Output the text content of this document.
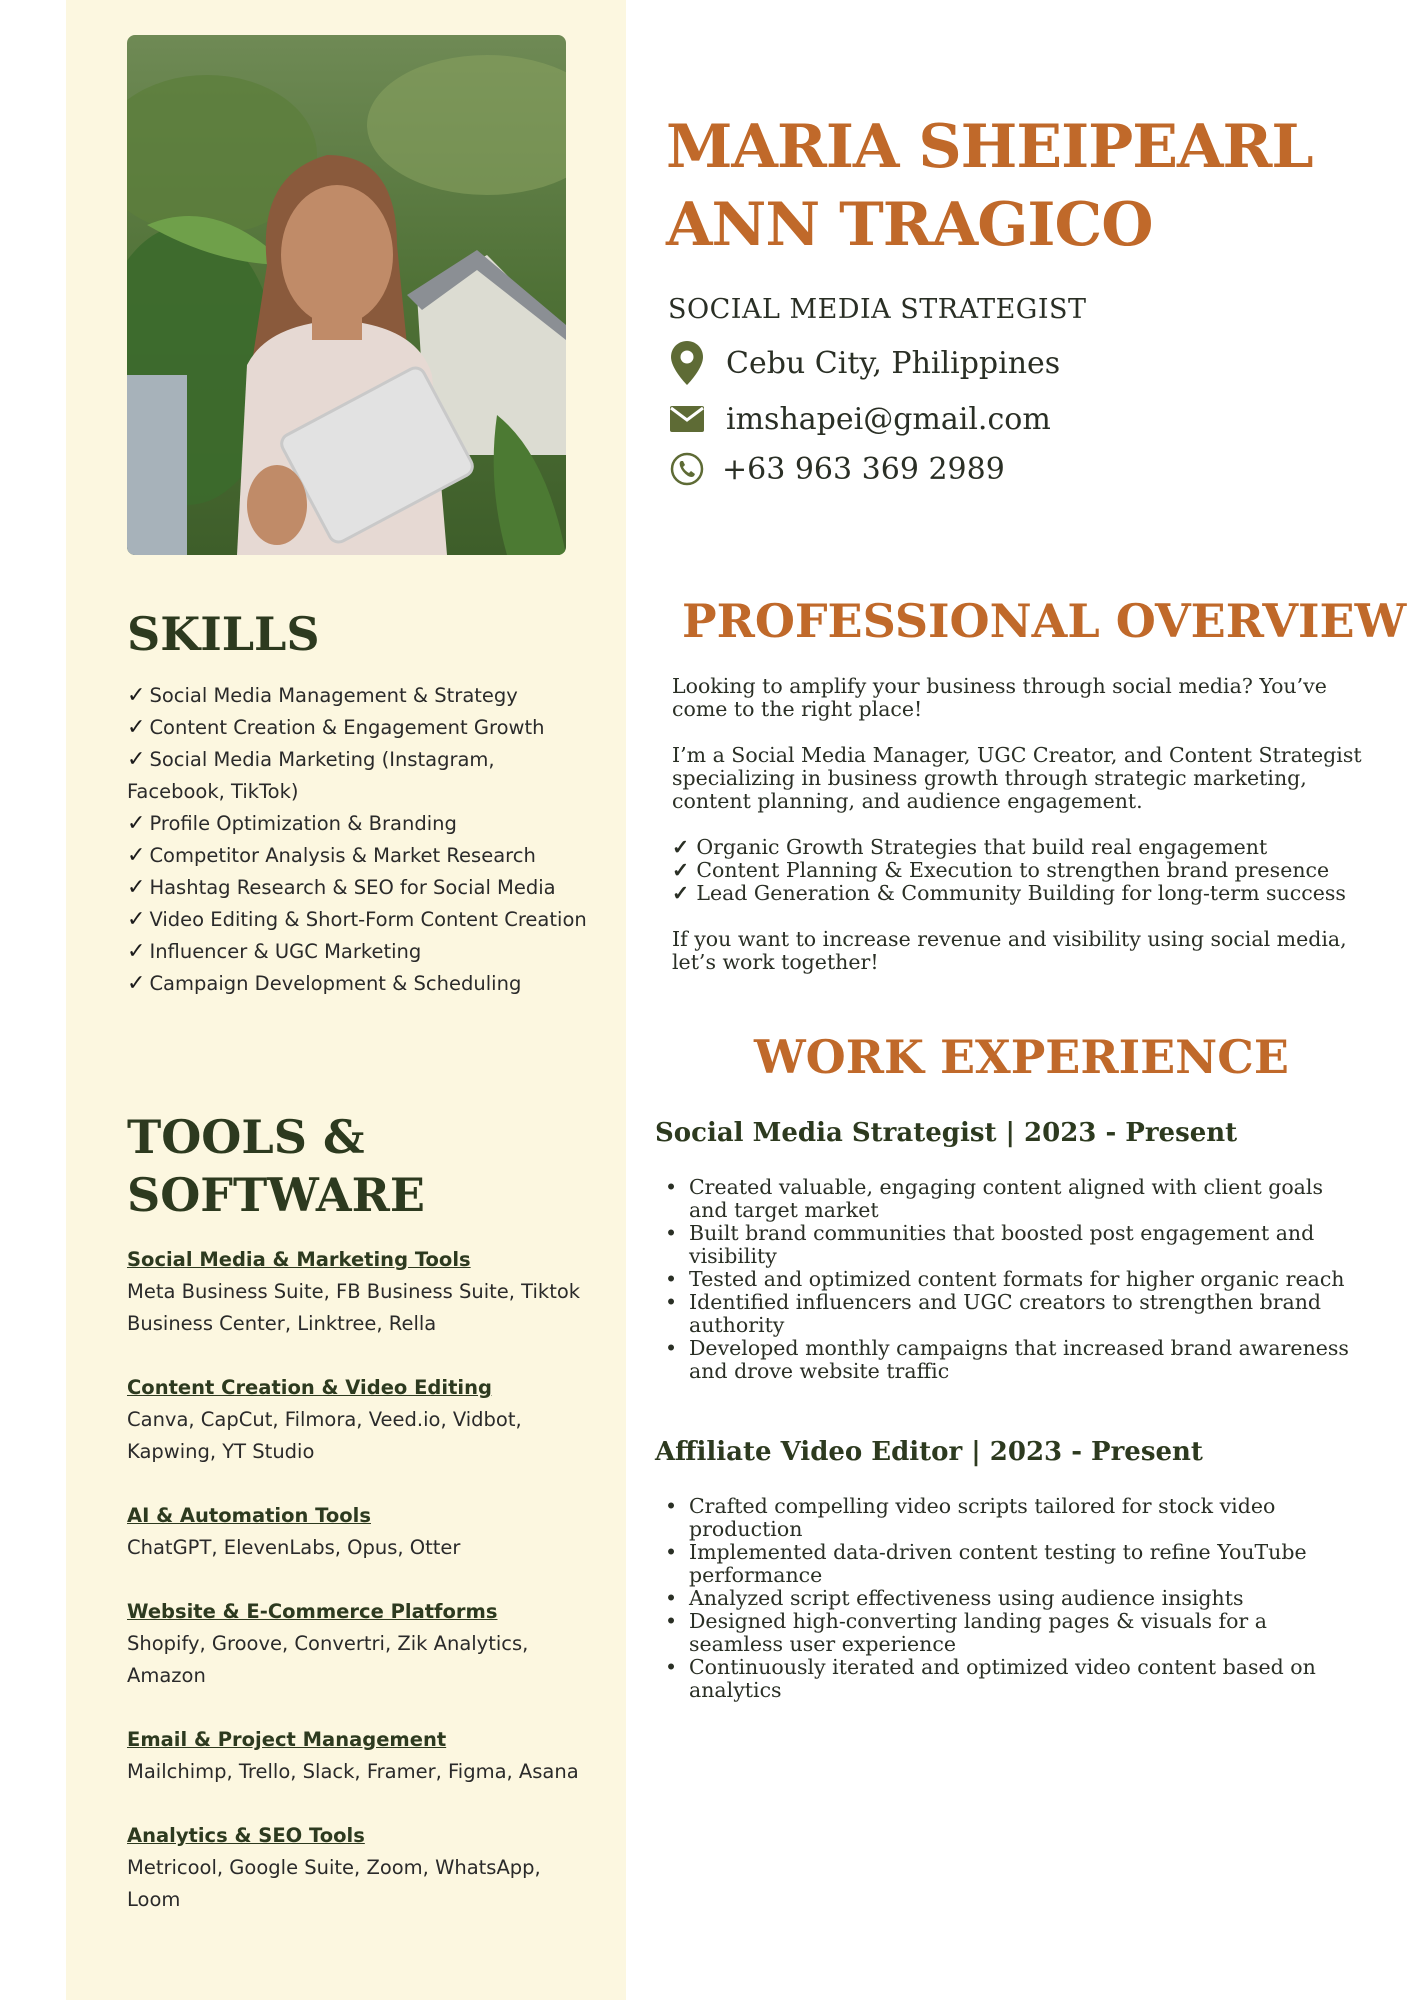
SKILLS
✓ Social Media Management & Strategy
✓ Content Creation & Engagement Growth
✓ Social Media Marketing (Instagram, Facebook, TikTok)
✓ Profile Optimization & Branding
✓ Competitor Analysis & Market Research
✓ Hashtag Research & SEO for Social Media
✓ Video Editing & Short-Form Content Creation
✓ Influencer & UGC Marketing
✓ Campaign Development & Scheduling
TOOLS &
SOFTWARE
Social Media & Marketing Tools
Meta Business Suite, FB Business Suite, Tiktok Business Center, Linktree, Rella
Content Creation & Video Editing
Canva, CapCut, Filmora, Veed.io, Vidbot, Kapwing, YT Studio
AI & Automation Tools
ChatGPT, ElevenLabs, Opus, Otter
Website & E-Commerce Platforms
Shopify, Groove, Convertri, Zik Analytics, Amazon
Email & Project Management
Mailchimp, Trello, Slack, Framer, Figma, Asana
Analytics & SEO Tools
Metricool, Google Suite, Zoom, WhatsApp, Loom
MARIA SHEIPEARL
ANN TRAGICO
SOCIAL MEDIA STRATEGIST
Cebu City, Philippines
imshapei@gmail.com
+63 963 369 2989
PROFESSIONAL OVERVIEW

Looking to amplify your business through social media? You’ve come to the right place!

I’m a Social Media Manager, UGC Creator, and Content Strategist specializing in business growth through strategic marketing, content planning, and audience engagement.

✓ Organic Growth Strategies that build real engagement
✓ Content Planning & Execution to strengthen brand presence
✓ Lead Generation & Community Building for long-term success

If you want to increase revenue and visibility using social media, let’s work together!

WORK EXPERIENCE
Social Media Strategist | 2023 - Present
• Created valuable, engaging content aligned with client goals and target market
• Built brand communities that boosted post engagement and visibility
• Tested and optimized content formats for higher organic reach
• Identified influencers and UGC creators to strengthen brand authority
• Developed monthly campaigns that increased brand awareness and drove website traffic
Affiliate Video Editor | 2023 - Present
• Crafted compelling video scripts tailored for stock video production
• Implemented data-driven content testing to refine YouTube performance
• Analyzed script effectiveness using audience insights
• Designed high-converting landing pages & visuals for a seamless user experience
• Continuously iterated and optimized video content based on analytics
